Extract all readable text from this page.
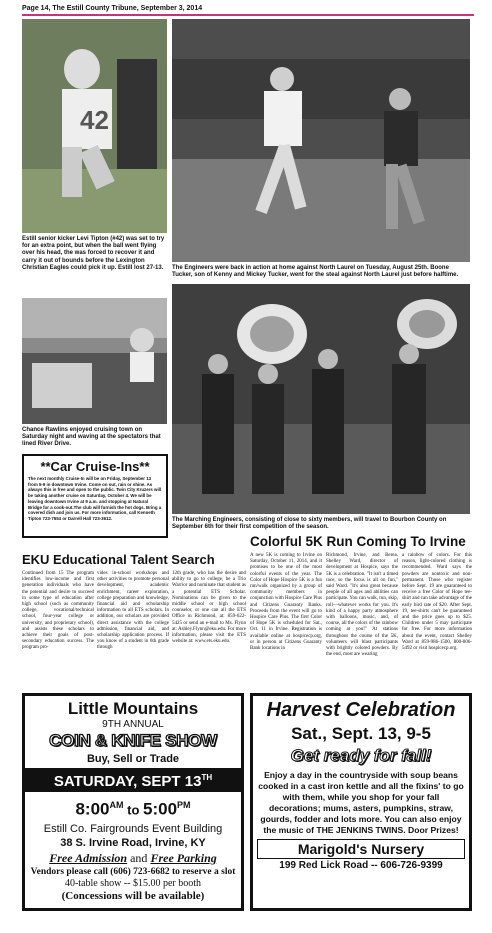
Page 14, The Estill County Tribune, September 3, 2014
42
Estill senior kicker Levi Tipton (#42) was set to try for an extra point, but when the ball went flying over his head, the was forced to recover it and carry it out of bounds before the Lexington Christian Eagles could pick it up. Estill lost 27-13.	The Engineers were back in action at home against North Laurel on Tuesday, August 25th. Boone Tucker, son of Kenny and Mickey Tucker, went for the steal against North Laurel just before halftime.
Chance Rawlins enjoyed cruising town on Saturday night and waving at the spectators that lined River Drive.
**Car Cruise-Ins**
The next monthly Cruise-In will be on Friday, September 13 from 5-9 in downtown Irvine. Come on out, rain or shine. As always this is free and open to the public. Twin City Kruzers will be taking another cruise on Saturday, October 4. We will be leaving downtown Irvine at 9 a.m. and stopping at Natural Bridge for a cook-out.The club will furnish the hot dogs. Bring a covered dish and join us. For more information, call Kenneth Tipton 723-7554 or Darrell Hall 723-3612.	The Marching Engineers, consisting of close to sixty members, will travel to Bourbon County on September 6th for their first competition of the season.
Colorful 5K Run Coming To Irvine
A new 5K is coming to Irvine on Saturday, October 11, 2014, and it promises to be one of the most colorful events of the year. The Color of Hope Hospice 5K is a fun run/walk organized by a group of community members in conjunction with Hospice Care Plus and Citizens Guaranty Banks. Proceeds from the event will go to Hospice Care Plus. The first Color of Hope 5K is scheduled for Sat., Oct. 11 in Irvine. Registration is available online at hospicecp.org, or in person at Citizens Guaranty Bank locations in
Richmond, Irvine, and Berea. Shelley Ward, director of development at Hospice, says the 5K is a celebration. "It isn't a timed race, so the focus is all on fun," said Ward. "It's also great because people of all ages and abilities can participate. You can walk, run, skip, roll—whatever works for you. It's kind of a happy party atmosphere with balloons, music, and, of course, all the colors of the rainbow coming at you!" At stations throughout the course of the 5K, volunteers will blast participants with brightly colored powders. By the end, most are wearing
a rainbow of colors. For this reason, light-colored clothing is recommended. Ward says the powders are nontoxic and non-permanent. Those who register before Sept. 19 are guaranteed to receive a free Color of Hope tee-shirt and can take advantage of the early bird rate of $20. After Sept. 19, tee-shirts can't be guaranteed and the price goes up to $25. Children under 5 may participate for free. For more information about the event, contact Shelley Ward at 859-986-1500, 800-806-5492 or visit hospicecp.org.
EKU Educational Talent Search
Continued from 15 The program identifies low-income and first generation individuals who have the potential and desire to succeed in some type of education after high school (such as community college, vocational/technical school, four-year college or university, and proprietary school), and assists these scholars to achieve their goals of post-secondary education success. The program pro-
vides in-school workshops and other activities to promote personal development, academic enrichment, career exploration, college preparation and knowledge, financial aid and scholarship information to all ETS scholars. In addition, our scholars are provided direct assistance with the college admission, financial aid, and scholarship application process. If you know of a student in 6th grade through
12th grade, who has the desire and ability to go to college, be a Trio Warrior and nominate that student as a potential ETS Scholar. Nominations can be given to the middle school or high school counselor, or one can all the ETS Office in Richmond, at: 859-622-5425 or send an e-mail to Ms. Flynn at: Ashley.Flynn@eku.edu. For more information, please visit the ETS website at: www.ets.eku.edu.
Little Mountains
9TH ANNUAL
COIN & KNIFE SHOW
Buy, Sell or Trade
SATURDAY, SEPT 13TH
$8:00^{AM}$ to $5:00^{PM}$
Estill Co. Fairgrounds Event Building
38 S. Irvine Road, Irvine, KY
Free Admission and Free Parking
Vendors please call (606) 723-6682 to reserve a slot
40-table show -- $15.00 per booth
(Concessions will be available)
Harvest Celebration
Sat., Sept. 13, 9-5
Get ready for fall!
Enjoy a day in the countryside with soup beans cooked in a cast iron kettle and all the fixins' to go with them, while you shop for your fall decorations; mums, asters, pumpkins, straw, gourds, fodder and lots more. You can also enjoy the music of THE JENKINS TWINS. Door Prizes!
Marigold's Nursery
199 Red Lick Road -- 606-726-9399
